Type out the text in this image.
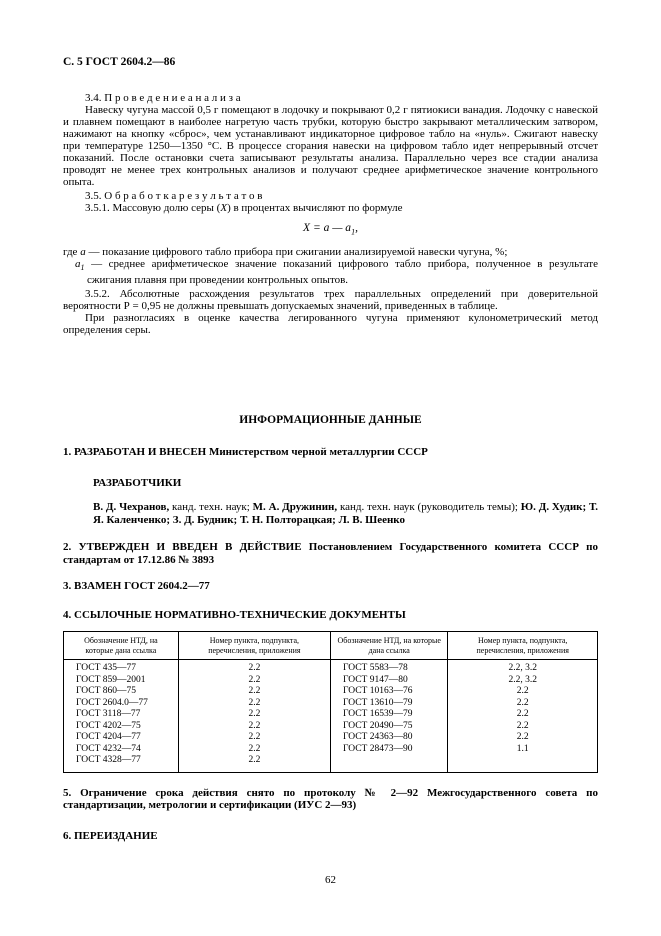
С. 5 ГОСТ 2604.2—86

3.4. П р о в е д е н и е а н а л и з а

Навеску чугуна массой 0,5 г помещают в лодочку и покрывают 0,2 г пятиокиси ванадия. Лодочку с навеской и плавнем помещают в наиболее нагретую часть трубки, которую быстро закрывают металлическим затвором, нажимают на кнопку «сброс», чем устанавливают индикаторное цифровое табло на «нуль». Сжигают навеску при температуре 1250—1350 °С. В процессе сгорания навески на цифровом табло идет непрерывный отсчет показаний. После остановки счета записывают результаты анализа. Параллельно через все стадии анализа проводят не менее трех контрольных анализов и получают среднее арифметическое значение контрольного опыта.

3.5. О б р а б о т к а р е з у л ь т а т о в

3.5.1. Массовую долю серы (X) в процентах вычисляют по формуле

X = a — $a_1$,

где а — показание цифрового табло прибора при сжигании анализируемой навески чугуна, %;

$а_1$ — среднее арифметическое значение показаний цифрового табло прибора, полученное в результате сжигания плавня при проведении контрольных опытов.

3.5.2. Абсолютные расхождения результатов трех параллельных определений при доверительной вероятности Р = 0,95 не должны превышать допускаемых значений, приведенных в таблице.

При разногласиях в оценке качества легированного чугуна применяют кулонометрический метод определения серы.

ИНФОРМАЦИОННЫЕ ДАННЫЕ

1. РАЗРАБОТАН И ВНЕСЕН Министерством черной металлургии СССР

РАЗРАБОТЧИКИ

В. Д. Чехранов, канд. техн. наук; М. А. Дружинин, канд. техн. наук (руководитель темы); Ю. Д. Худик; Т. Я. Каленченко; З. Д. Будник; Т. Н. Полторацкая; Л. В. Шеенко

2. УТВЕРЖДЕН И ВВЕДЕН В ДЕЙСТВИЕ Постановлением Государственного комитета СССР по стандартам от 17.12.86 № 3893

3. ВЗАМЕН ГОСТ 2604.2—77

4. ССЫЛОЧНЫЕ НОРМАТИВНО-ТЕХНИЧЕСКИЕ ДОКУМЕНТЫ

Обозначение НТД, на которые дана ссылка	Номер пункта, подпункта, перечисления, приложения	Обозначение НТД, на которые дана ссылка	Номер пункта, подпункта, перечисления, приложения
ГОСТ 435—77	2.2	ГОСТ 5583—78	2.2, 3.2
ГОСТ 859—2001	2.2	ГОСТ 9147—80	2.2, 3.2
ГОСТ 860—75	2.2	ГОСТ 10163—76	2.2
ГОСТ 2604.0—77	2.2	ГОСТ 13610—79	2.2
ГОСТ 3118—77	2.2	ГОСТ 16539—79	2.2
ГОСТ 4202—75	2.2	ГОСТ 20490—75	2.2
ГОСТ 4204—77	2.2	ГОСТ 24363—80	2.2
ГОСТ 4232—74	2.2	ГОСТ 28473—90	1.1
ГОСТ 4328—77	2.2		

5. Ограничение срока действия снято по протоколу № 2—92 Межгосударственного совета по стандартизации, метрологии и сертификации (ИУС 2—93)

6. ПЕРЕИЗДАНИЕ

62
